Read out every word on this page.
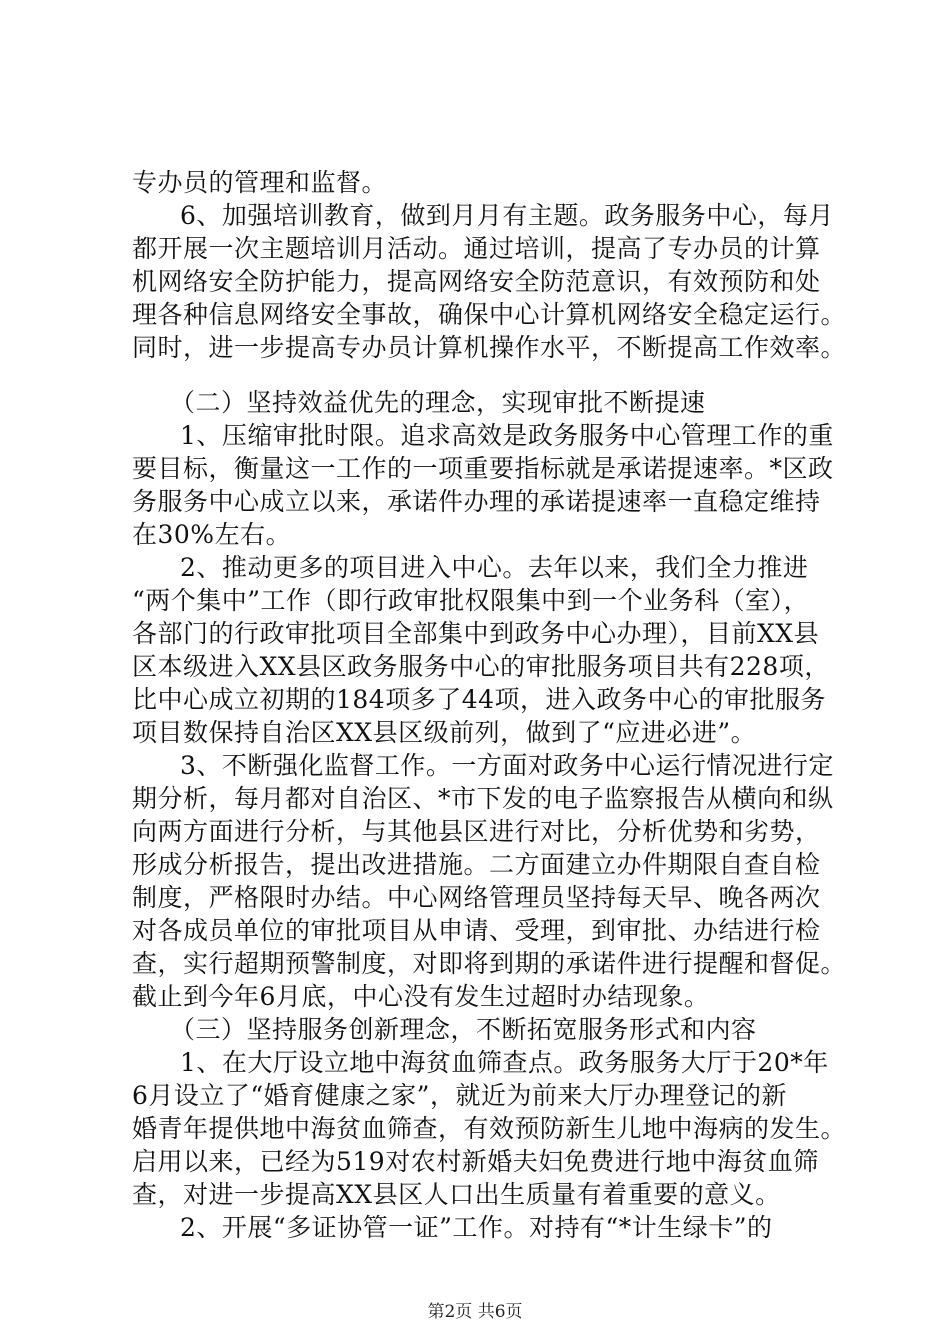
专办员的管理和监督。
6、加强培训教育，做到月月有主题。政务服务中心，每月
都开展一次主题培训月活动。通过培训，提高了专办员的计算
机网络安全防护能力，提高网络安全防范意识，有效预防和处
理各种信息网络安全事故，确保中心计算机网络安全稳定运行。
同时，进一步提高专办员计算机操作水平，不断提高工作效率。
（二）坚持效益优先的理念，实现审批不断提速
1、压缩审批时限。追求高效是政务服务中心管理工作的重
要目标，衡量这一工作的一项重要指标就是承诺提速率。*区政
务服务中心成立以来，承诺件办理的承诺提速率一直稳定维持
在30%左右。
2、推动更多的项目进入中心。去年以来，我们全力推进
“两个集中”工作（即行政审批权限集中到一个业务科（室），
各部门的行政审批项目全部集中到政务中心办理），目前XX县
区本级进入XX县区政务服务中心的审批服务项目共有228项，
比中心成立初期的184项多了44项，进入政务中心的审批服务
项目数保持自治区XX县区级前列，做到了“应进必进”。
3、不断强化监督工作。一方面对政务中心运行情况进行定
期分析，每月都对自治区、*市下发的电子监察报告从横向和纵
向两方面进行分析，与其他县区进行对比，分析优势和劣势，
形成分析报告，提出改进措施。二方面建立办件期限自查自检
制度，严格限时办结。中心网络管理员坚持每天早、晚各两次
对各成员单位的审批项目从申请、受理，到审批、办结进行检
查，实行超期预警制度，对即将到期的承诺件进行提醒和督促。
截止到今年6月底，中心没有发生过超时办结现象。
（三）坚持服务创新理念，不断拓宽服务形式和内容
1、在大厅设立地中海贫血筛查点。政务服务大厅于20*年
6月设立了“婚育健康之家”，就近为前来大厅办理登记的新
婚青年提供地中海贫血筛查，有效预防新生儿地中海病的发生。
启用以来，已经为519对农村新婚夫妇免费进行地中海贫血筛
查，对进一步提高XX县区人口出生质量有着重要的意义。
2、开展“多证协管一证”工作。对持有“*计生绿卡”的
第2页 共6页
